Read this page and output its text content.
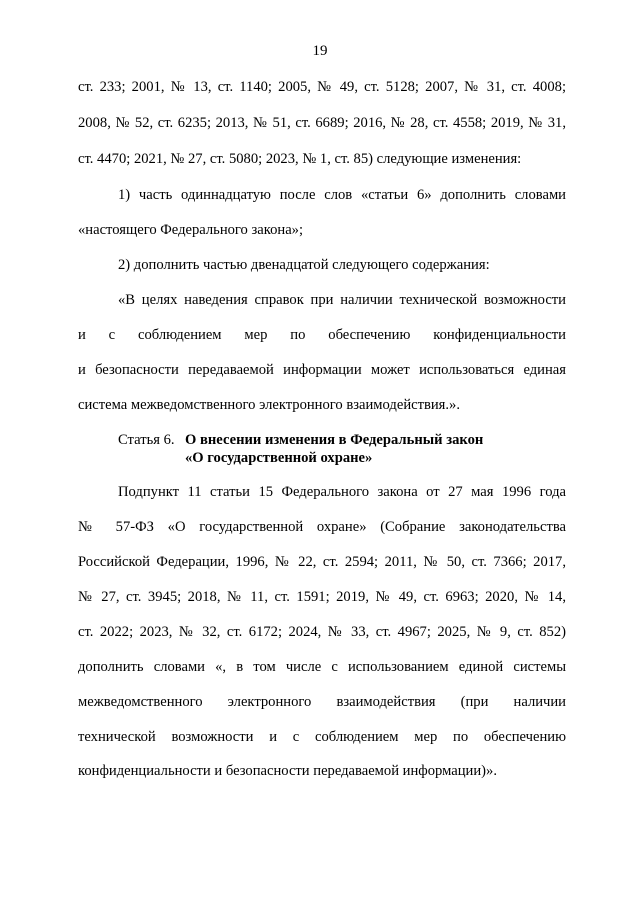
19
ст. 233; 2001, № 13, ст. 1140; 2005, № 49, ст. 5128; 2007, № 31, ст. 4008;
2008, № 52, ст. 6235; 2013, № 51, ст. 6689; 2016, № 28, ст. 4558; 2019, № 31,
ст. 4470; 2021, № 27, ст. 5080; 2023, № 1, ст. 85) следующие изменения:
1) часть одиннадцатую после слов «статьи 6» дополнить словами
«настоящего Федерального закона»;
2) дополнить частью двенадцатой следующего содержания:
«В целях наведения справок при наличии технической возможности
и с соблюдением мер по обеспечению конфиденциальности
и безопасности передаваемой информации может использоваться единая
система межведомственного электронного взаимодействия.».
Статья 6. О внесении изменения в Федеральный закон
«О государственной охране»
Подпункт 11 статьи 15 Федерального закона от 27 мая 1996 года
№ 57-ФЗ «О государственной охране» (Собрание законодательства
Российской Федерации, 1996, № 22, ст. 2594; 2011, № 50, ст. 7366; 2017,
№ 27, ст. 3945; 2018, № 11, ст. 1591; 2019, № 49, ст. 6963; 2020, № 14,
ст. 2022; 2023, № 32, ст. 6172; 2024, № 33, ст. 4967; 2025, № 9, ст. 852)
дополнить словами «, в том числе с использованием единой системы
межведомственного электронного взаимодействия (при наличии
технической возможности и с соблюдением мер по обеспечению
конфиденциальности и безопасности передаваемой информации)».
